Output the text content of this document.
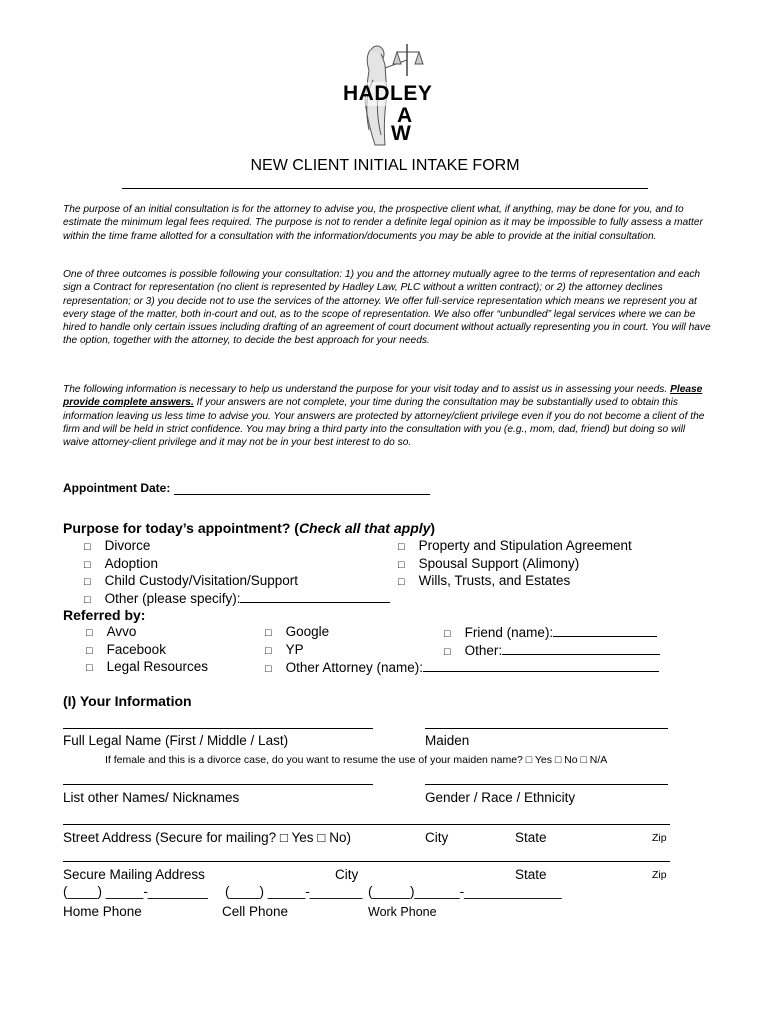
HADLEY
A
W
NEW CLIENT INITIAL INTAKE FORM
The purpose of an initial consultation is for the attorney to advise you, the prospective client what, if anything, may be done for you, and to estimate the minimum legal fees required. The purpose is not to render a definite legal opinion as it may be impossible to fully assess a matter within the time frame allotted for a consultation with the information/documents you may be able to provide at the initial consultation.
One of three outcomes is possible following your consultation: 1) you and the attorney mutually agree to the terms of representation and each sign a Contract for representation (no client is represented by Hadley Law, PLC without a written contract); or 2) the attorney declines representation; or 3) you decide not to use the services of the attorney. We offer full-service representation which means we represent you at every stage of the matter, both in-court and out, as to the scope of representation. We also offer “unbundled” legal services where we can be hired to handle only certain issues including drafting of an agreement of court document without actually representing you in court. You will have the option, together with the attorney, to decide the best approach for your needs.
The following information is necessary to help us understand the purpose for your visit today and to assist us in assessing your needs. Please provide complete answers. If your answers are not complete, your time during the consultation may be substantially used to obtain this information leaving us less time to advise you. Your answers are protected by attorney/client privilege even if you do not become a client of the firm and will be held in strict confidence. You may bring a third party into the consultation with you (e.g., mom, dad, friend) but doing so will waive attorney-client privilege and it may not be in your best interest to do so.
Appointment Date:
Purpose for today’s appointment? (Check all that apply)
□ Divorce
□ Adoption
□ Child Custody/Visitation/Support
□ Other (please specify):
□ Property and Stipulation Agreement
□ Spousal Support (Alimony)
□ Wills, Trusts, and Estates
Referred by:
□ Avvo
□ Facebook
□ Legal Resources
□ Google
□ YP
□ Other Attorney (name):
□ Friend (name):
□ Other:
(I) Your Information
Full Legal Name (First / Middle / Last)	Maiden
If female and this is a divorce case, do you want to resume the use of your maiden name? □ Yes □ No □ N/A
List other Names/ Nicknames	Gender / Race / Ethnicity
Street Address (Secure for mailing? □ Yes □ No)	City	State	Zip
Secure Mailing Address	City	State	Zip
(____) _____-________ (____) _____-_______ (_____)______-_____________
Home Phone	Cell Phone	Work Phone
